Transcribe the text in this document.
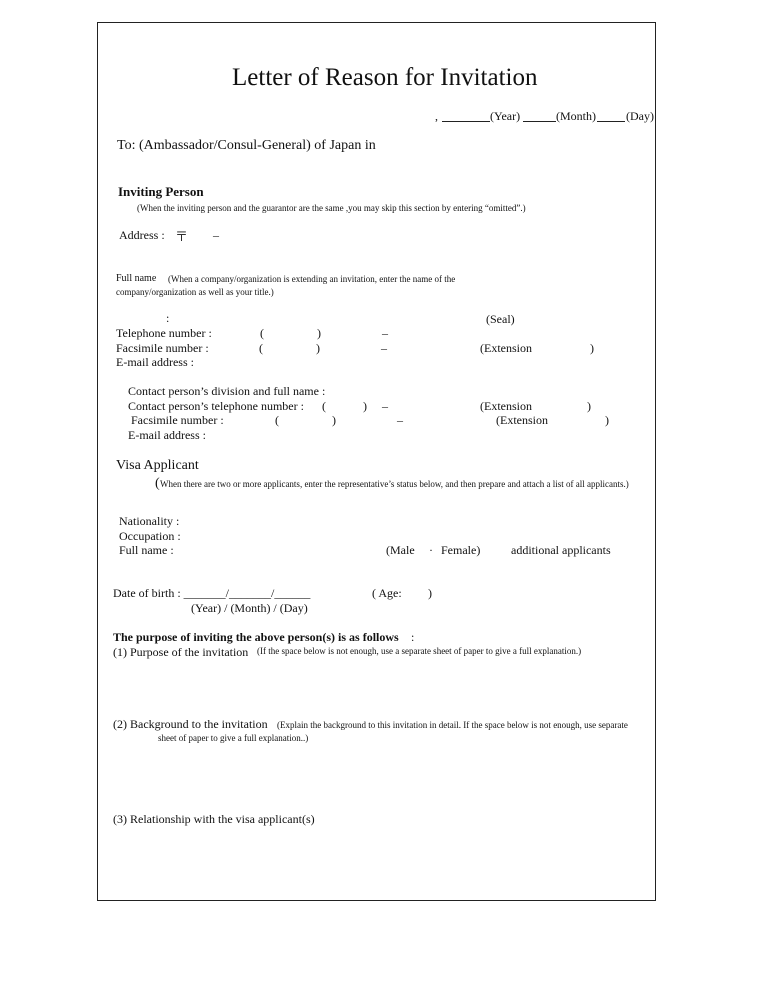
Letter of Reason for Invitation
,	(Year)	(Month)	(Day)
To: (Ambassador/Consul-General) of Japan in
Inviting Person
(When the inviting person and the guarantor are the same ,you may skip this section by entering “omitted”.)
Address : 〒 –
Full name	(When a company/organization is extending an invitation, enter the name of the company/organization as well as your title.)
:	(Seal)
Telephone number :	(	)	–
Facsimile number :	(	)	–	(Extension	)
E-mail address :
Contact person’s division and full name :
Contact person’s telephone number : (	) –	(Extension	)
Facsimile number :	(	)	–	(Extension	)
E-mail address :
Visa Applicant
( When there are two or more applicants, enter the representative’s status below, and then prepare and attach a list of all applicants.)
Nationality :
Occupation :
Full name :	(Male · Female)	additional applicants
Date of birth : _______/_______/______	( Age: )
(Year) / (Month) / (Day)
The purpose of inviting the above person(s) is as follows :
(1) Purpose of the invitation (If the space below is not enough, use a separate sheet of paper to give a full explanation.)
(2) Background to the invitation	(Explain the background to this invitation in detail. If the space below is not enough, use separate sheet of paper to give a full explanation..)
(3) Relationship with the visa applicant(s)
